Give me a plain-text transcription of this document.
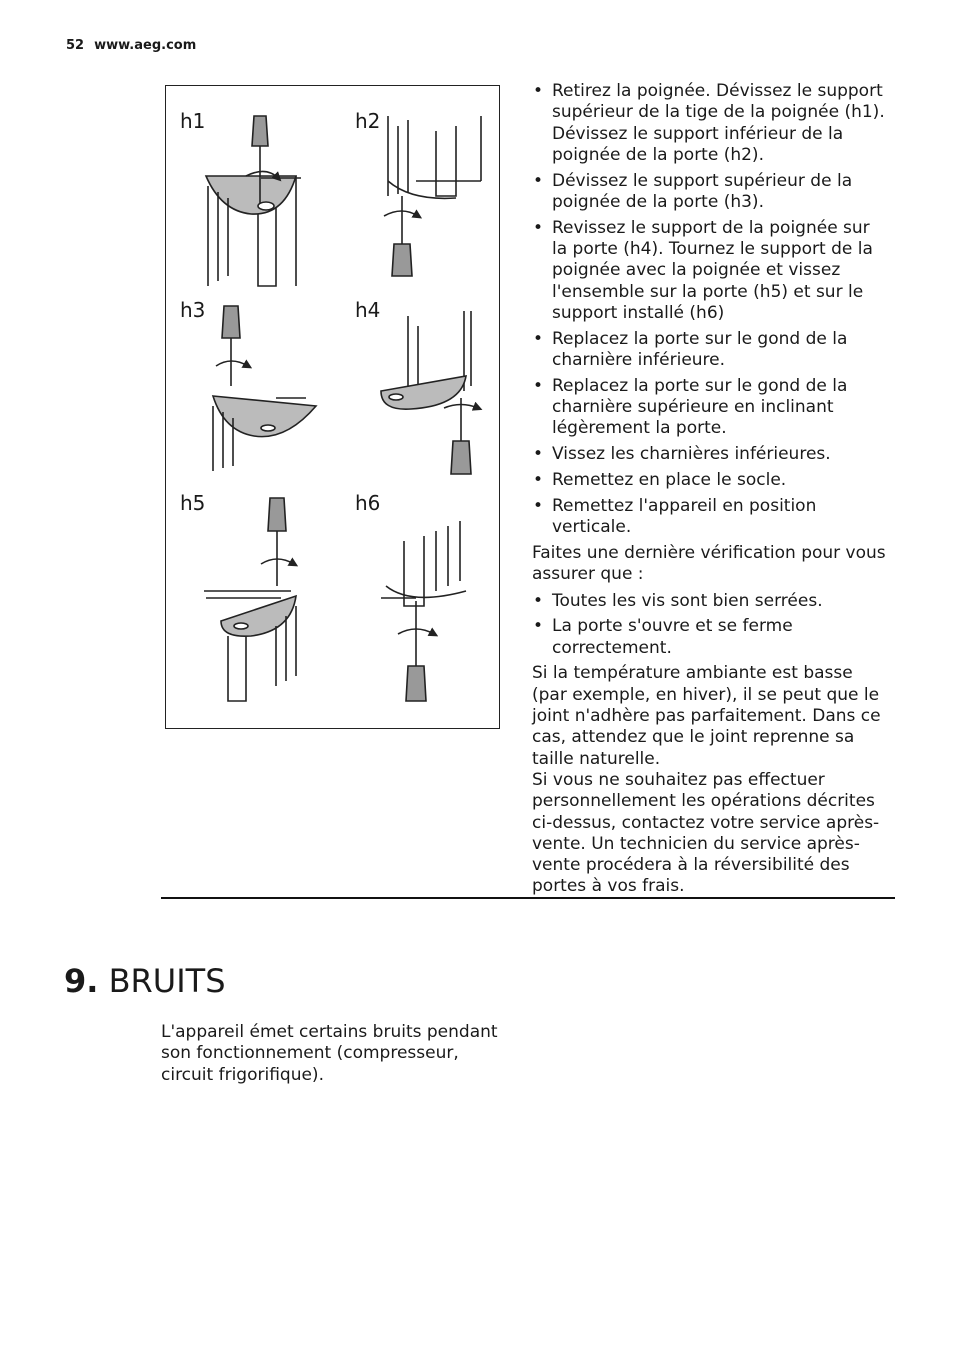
52 www.aeg.com
h1	h2
h3	h4
h5	h6
• Retirez la poignée. Dévissez le support supérieur de la tige de la poignée (h1). Dévissez le support inférieur de la poignée de la porte (h2).
• Dévissez le support supérieur de la poignée de la porte (h3).
• Revissez le support de la poignée sur la porte (h4). Tournez le support de la poignée avec la poignée et vissez l'ensemble sur la porte (h5) et sur le support installé (h6)
• Replacez la porte sur le gond de la charnière inférieure.
• Replacez la porte sur le gond de la charnière supérieure en inclinant légèrement la porte.
• Vissez les charnières inférieures.
• Remettez en place le socle.
• Remettez l'appareil en position verticale.

Faites une dernière vérification pour vous assurer que :

• Toutes les vis sont bien serrées.
• La porte s'ouvre et se ferme correctement.

Si la température ambiante est basse (par exemple, en hiver), il se peut que le joint n'adhère pas parfaitement. Dans ce cas, attendez que le joint reprenne sa taille naturelle.

Si vous ne souhaitez pas effectuer personnellement les opérations décrites ci-dessus, contactez votre service après-vente. Un technicien du service après-vente procédera à la réversibilité des portes à vos frais.

9. BRUITS

L'appareil émet certains bruits pendant son fonctionnement (compresseur, circuit frigorifique).
